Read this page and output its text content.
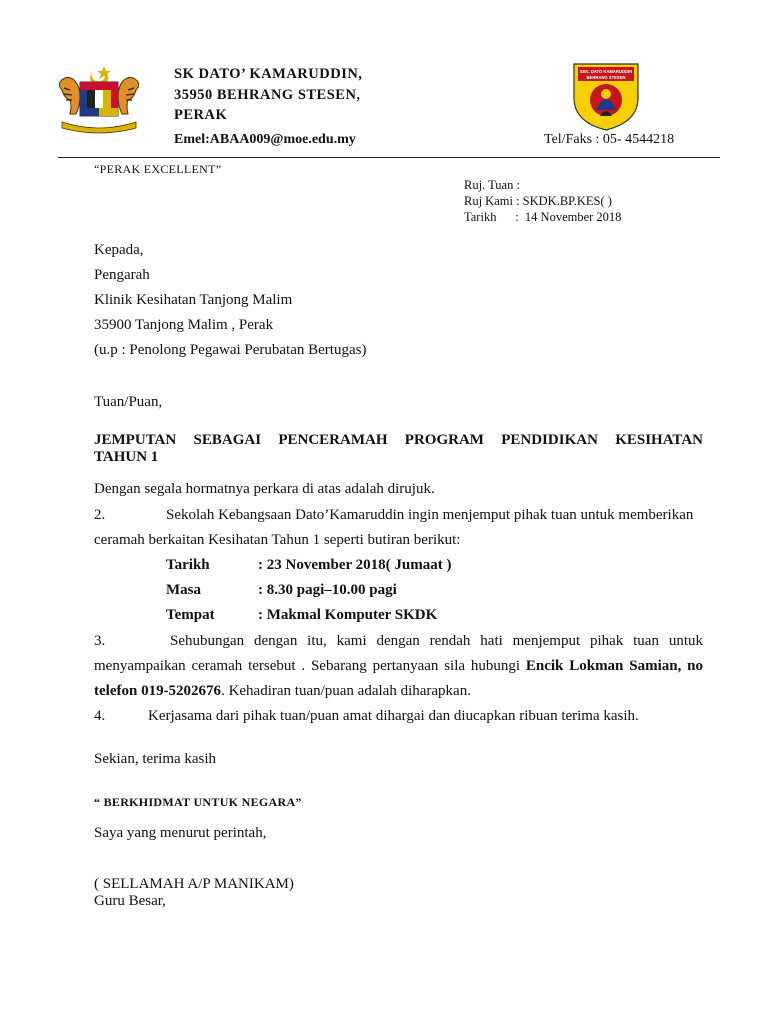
SK DATO’ KAMARUDDIN,
35950 BEHRANG STESEN,
PERAK
SEK. DATO KAMARUDDIN
BEHRANG STESEN
Emel:ABAA009@moe.edu.my	Tel/Faks : 05- 4544218
“PERAK EXCELLENT”
Ruj. Tuan :
Ruj Kami : SKDK.BP.KES( )
Tarikh      :  14 November 2018
Kepada,
Pengarah
Klinik Kesihatan Tanjong Malim
35900 Tanjong Malim , Perak
(u.p : Penolong Pegawai Perubatan Bertugas)
Tuan/Puan,
JEMPUTAN SEBAGAI PENCERAMAH PROGRAM PENDIDIKAN KESIHATAN
TAHUN 1
Dengan segala hormatnya perkara di atas adalah dirujuk.
2.	Sekolah Kebangsaan Dato’Kamaruddin ingin menjemput pihak tuan untuk memberikan
ceramah berkaitan Kesihatan Tahun 1 seperti butiran berikut:
Tarikh	: 23 November 2018( Jumaat )
Masa	: 8.30 pagi–10.00 pagi
Tempat	: Makmal Komputer SKDK
3.	Sehubungan dengan itu, kami dengan rendah hati menjemput pihak tuan untuk
menyampaikan ceramah tersebut . Sebarang pertanyaan sila hubungi Encik Lokman Samian, no
telefon 019-5202676. Kehadiran tuan/puan adalah diharapkan.
4.	Kerjasama dari pihak tuan/puan amat dihargai dan diucapkan ribuan terima kasih.
Sekian, terima kasih
“ BERKHIDMAT UNTUK NEGARA”
Saya yang menurut perintah,
( SELLAMAH A/P MANIKAM)
Guru Besar,
